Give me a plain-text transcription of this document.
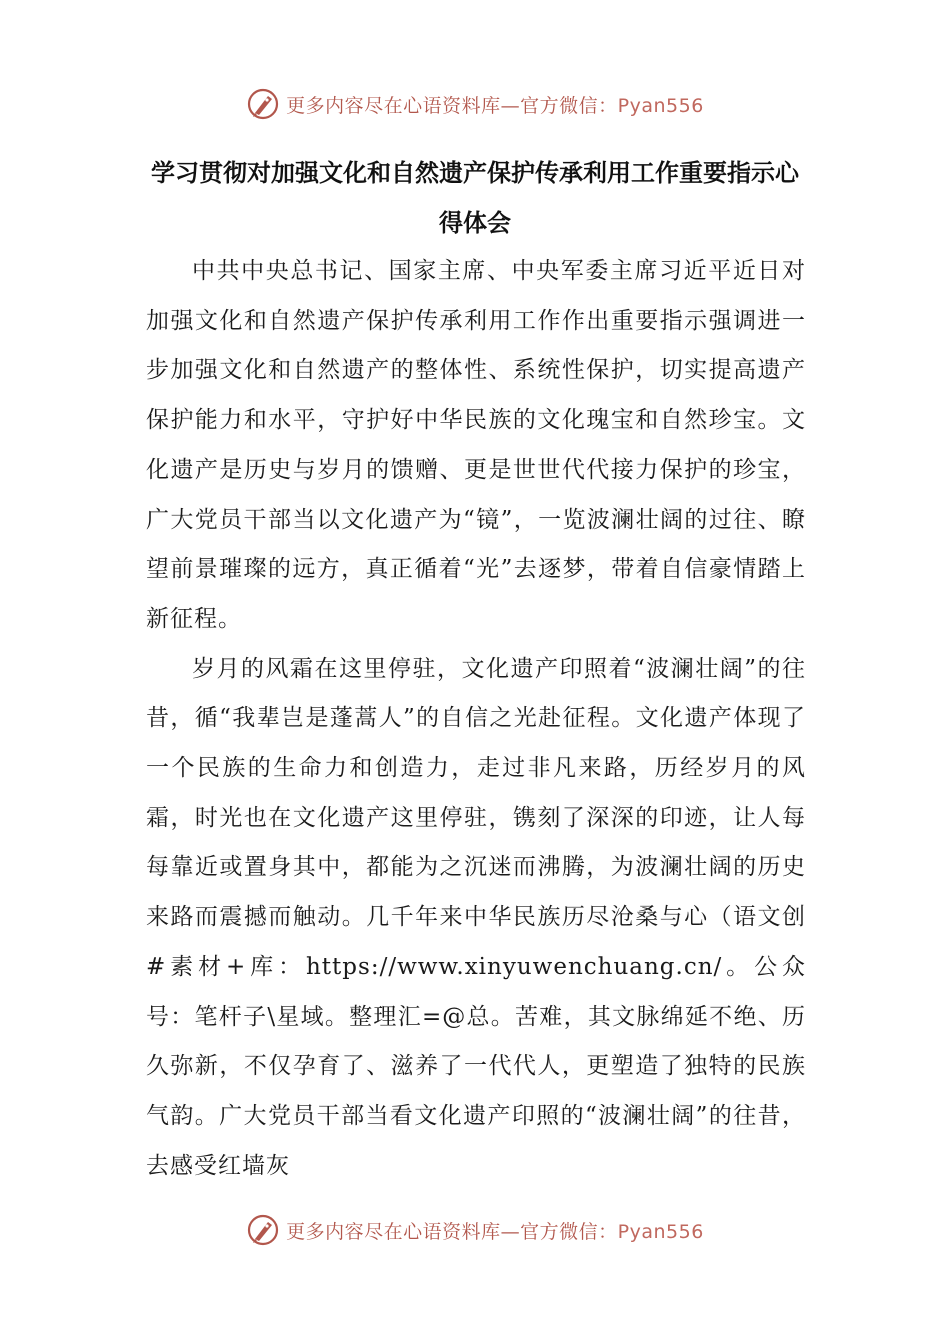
更多内容尽在心语资料库—官方微信：Pyan556
学习贯彻对加强文化和自然遗产保护传承利用工作重要指示心得体会

中共中央总书记、国家主席、中央军委主席习近平近日对加强文化和自然遗产保护传承利用工作作出重要指示强调进一步加强文化和自然遗产的整体性、系统性保护，切实提高遗产保护能力和水平，守护好中华民族的文化瑰宝和自然珍宝。文化遗产是历史与岁月的馈赠、更是世世代代接力保护的珍宝，广大党员干部当以文化遗产为“镜”，一览波澜壮阔的过往、瞭望前景璀璨的远方，真正循着“光”去逐梦，带着自信豪情踏上新征程。

岁月的风霜在这里停驻，文化遗产印照着“波澜壮阔”的往昔，循“我辈岂是蓬蒿人”的自信之光赴征程。文化遗产体现了一个民族的生命力和创造力，走过非凡来路，历经岁月的风霜，时光也在文化遗产这里停驻，镌刻了深深的印迹，让人每每靠近或置身其中，都能为之沉迷而沸腾，为波澜壮阔的历史来路而震撼而触动。几千年来中华民族历尽沧桑与心（语文创#素材+库：https://www.xinyuwenchuang.cn/。公众号：笔杆子\星域。整理汇=@总。苦难，其文脉绵延不绝、历久弥新，不仅孕育了、滋养了一代代人，更塑造了独特的民族气韵。广大党员干部当看文化遗产印照的“波澜壮阔”的往昔，去感受红墙灰

更多内容尽在心语资料库—官方微信：Pyan556
